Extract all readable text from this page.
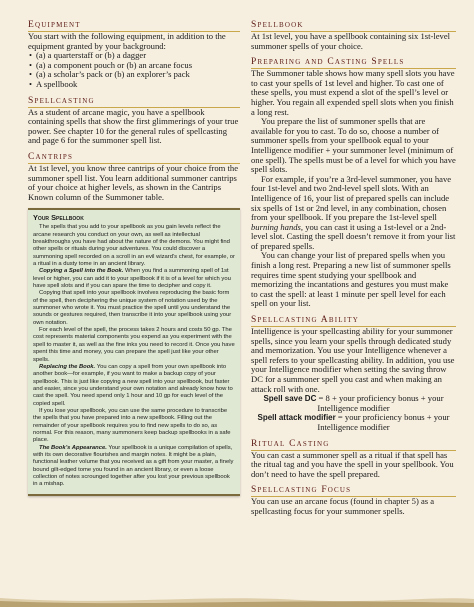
Equipment

You start with the following equipment, in addition to the equipment granted by your background:

• (a) a quarterstaff or (b) a dagger
• (a) a component pouch or (b) an arcane focus
• (a) a scholar’s pack or (b) an explorer’s pack
• A spellbook
Spellcasting

As a student of arcane magic, you have a spellbook containing spells that show the first glimmerings of your true power. See chapter 10 for the general rules of spellcasting and page 6 for the summoner spell list.

Cantrips

At 1st level, you know three cantrips of your choice from the summoner spell list. You learn additional summoner cantrips of your choice at higher levels, as shown in the Cantrips Known column of the Summoner table.

Your Spellbook

The spells that you add to your spellbook as you gain levels reflect the arcane research you conduct on your own, as well as intellectual breakthroughs you have had about the nature of the demons. You might find other spells or rituals during your adventures. You could discover a summoning spell recorded on a scroll in an evil wizard’s chest, for example, or a ritual in a dusty tome in an ancient library.

Copying a Spell into the Book. When you find a summoning spell of 1st level or higher, you can add it to your spellbook if it is of a level for which you have spell slots and if you can spare the time to decipher and copy it.

Copying that spell into your spellbook involves reproducing the basic form of the spell, then deciphering the unique system of notation used by the summoner who wrote it. You must practice the spell until you understand the sounds or gestures required, then transcribe it into your spellbook using your own notation.

For each level of the spell, the process takes 2 hours and costs 50 gp. The cost represents material components you expend as you experiment with the spell to master it, as well as the fine inks you need to record it. Once you have spent this time and money, you can prepare the spell just like your other spells.

Replacing the Book. You can copy a spell from your own spellbook into another book—for example, if you want to make a backup copy of your spellbook. This is just like copying a new spell into your spellbook, but faster and easier, since you understand your own notation and already know how to cast the spell. You need spend only 1 hour and 10 gp for each level of the copied spell.

If you lose your spellbook, you can use the same procedure to transcribe the spells that you have prepared into a new spellbook. Filling out the remainder of your spellbook requires you to find new spells to do so, as normal. For this reason, many summoners keep backup spellbooks in a safe place.

The Book’s Appearance. Your spellbook is a unique compilation of spells, with its own decorative flourishes and margin notes. It might be a plain, functional leather volume that you received as a gift from your master, a finely bound gilt-edged tome you found in an ancient library, or even a loose collection of notes scrounged together after you lost your previous spellbook in a mishap.

Spellbook

At 1st level, you have a spellbook containing six 1st-level summoner spells of your choice.

Preparing and Casting Spells

The Summoner table shows how many spell slots you have to cast your spells of 1st level and higher. To cast one of these spells, you must expend a slot of the spell’s level or higher. You regain all expended spell slots when you finish a long rest.

You prepare the list of summoner spells that are available for you to cast. To do so, choose a number of summoner spells from your spellbook equal to your Intelligence modifier + your summoner level (minimum of one spell). The spells must be of a level for which you have spell slots.

For example, if you’re a 3rd-level summoner, you have four 1st-level and two 2nd-level spell slots. With an Intelligence of 16, your list of prepared spells can include six spells of 1st or 2nd level, in any combination, chosen from your spellbook. If you prepare the 1st-level spell burning hands, you can cast it using a 1st-level or a 2nd-level slot. Casting the spell doesn’t remove it from your list of prepared spells.

You can change your list of prepared spells when you finish a long rest. Preparing a new list of summoner spells requires time spent studying your spellbook and memorizing the incantations and gestures you must make to cast the spell: at least 1 minute per spell level for each spell on your list.

Spellcasting Ability

Intelligence is your spellcasting ability for your summoner spells, since you learn your spells through dedicated study and memorization. You use your Intelligence whenever a spell refers to your spellcasting ability. In addition, you use your Intelligence modifier when setting the saving throw DC for a summoner spell you cast and when making an attack roll with one.

Spell save DC = 8 + your proficiency bonus + your Intelligence modifier

Spell attack modifier = your proficiency bonus + your Intelligence modifier

Ritual Casting

You can cast a summoner spell as a ritual if that spell has the ritual tag and you have the spell in your spellbook. You don’t need to have the spell prepared.

Spellcasting Focus

You can use an arcane focus (found in chapter 5) as a spellcasting focus for your summoner spells.
